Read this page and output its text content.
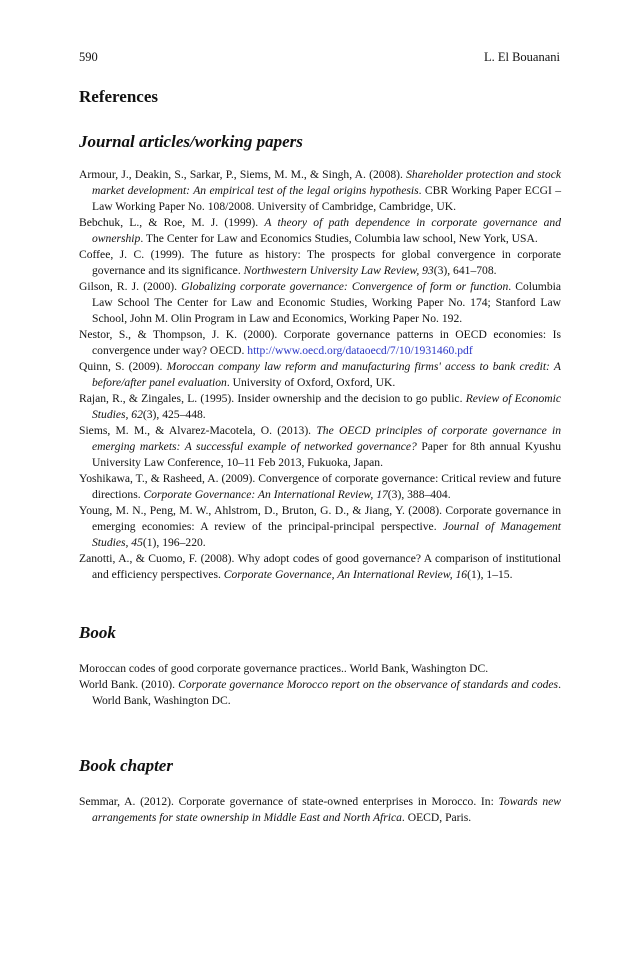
590	L. El Bouanani
References
Journal articles/working papers

Armour, J., Deakin, S., Sarkar, P., Siems, M. M., & Singh, A. (2008). Shareholder protection and stock market development: An empirical test of the legal origins hypothesis. CBR Working Paper ECGI – Law Working Paper No. 108/2008. University of Cambridge, Cambridge, UK.

Bebchuk, L., & Roe, M. J. (1999). A theory of path dependence in corporate governance and ownership. The Center for Law and Economics Studies, Columbia law school, New York, USA.

Coffee, J. C. (1999). The future as history: The prospects for global convergence in corporate governance and its significance. Northwestern University Law Review, 93(3), 641–708.

Gilson, R. J. (2000). Globalizing corporate governance: Convergence of form or function. Columbia Law School The Center for Law and Economic Studies, Working Paper No. 174; Stanford Law School, John M. Olin Program in Law and Economics, Working Paper No. 192.

Nestor, S., & Thompson, J. K. (2000). Corporate governance patterns in OECD economies: Is convergence under way? OECD. http://www.oecd.org/dataoecd/7/10/1931460.pdf

Quinn, S. (2009). Moroccan company law reform and manufacturing firms' access to bank credit: A before/after panel evaluation. University of Oxford, Oxford, UK.

Rajan, R., & Zingales, L. (1995). Insider ownership and the decision to go public. Review of Economic Studies, 62(3), 425–448.

Siems, M. M., & Alvarez-Macotela, O. (2013). The OECD principles of corporate governance in emerging markets: A successful example of networked governance? Paper for 8th annual Kyushu University Law Conference, 10–11 Feb 2013, Fukuoka, Japan.

Yoshikawa, T., & Rasheed, A. (2009). Convergence of corporate governance: Critical review and future directions. Corporate Governance: An International Review, 17(3), 388–404.

Young, M. N., Peng, M. W., Ahlstrom, D., Bruton, G. D., & Jiang, Y. (2008). Corporate governance in emerging economies: A review of the principal-principal perspective. Journal of Management Studies, 45(1), 196–220.

Zanotti, A., & Cuomo, F. (2008). Why adopt codes of good governance? A comparison of institutional and efficiency perspectives. Corporate Governance, An International Review, 16(1), 1–15.

Book

Moroccan codes of good corporate governance practices.. World Bank, Washington DC.

World Bank. (2010). Corporate governance Morocco report on the observance of standards and codes. World Bank, Washington DC.

Book chapter

Semmar, A. (2012). Corporate governance of state-owned enterprises in Morocco. In: Towards new arrangements for state ownership in Middle East and North Africa. OECD, Paris.
